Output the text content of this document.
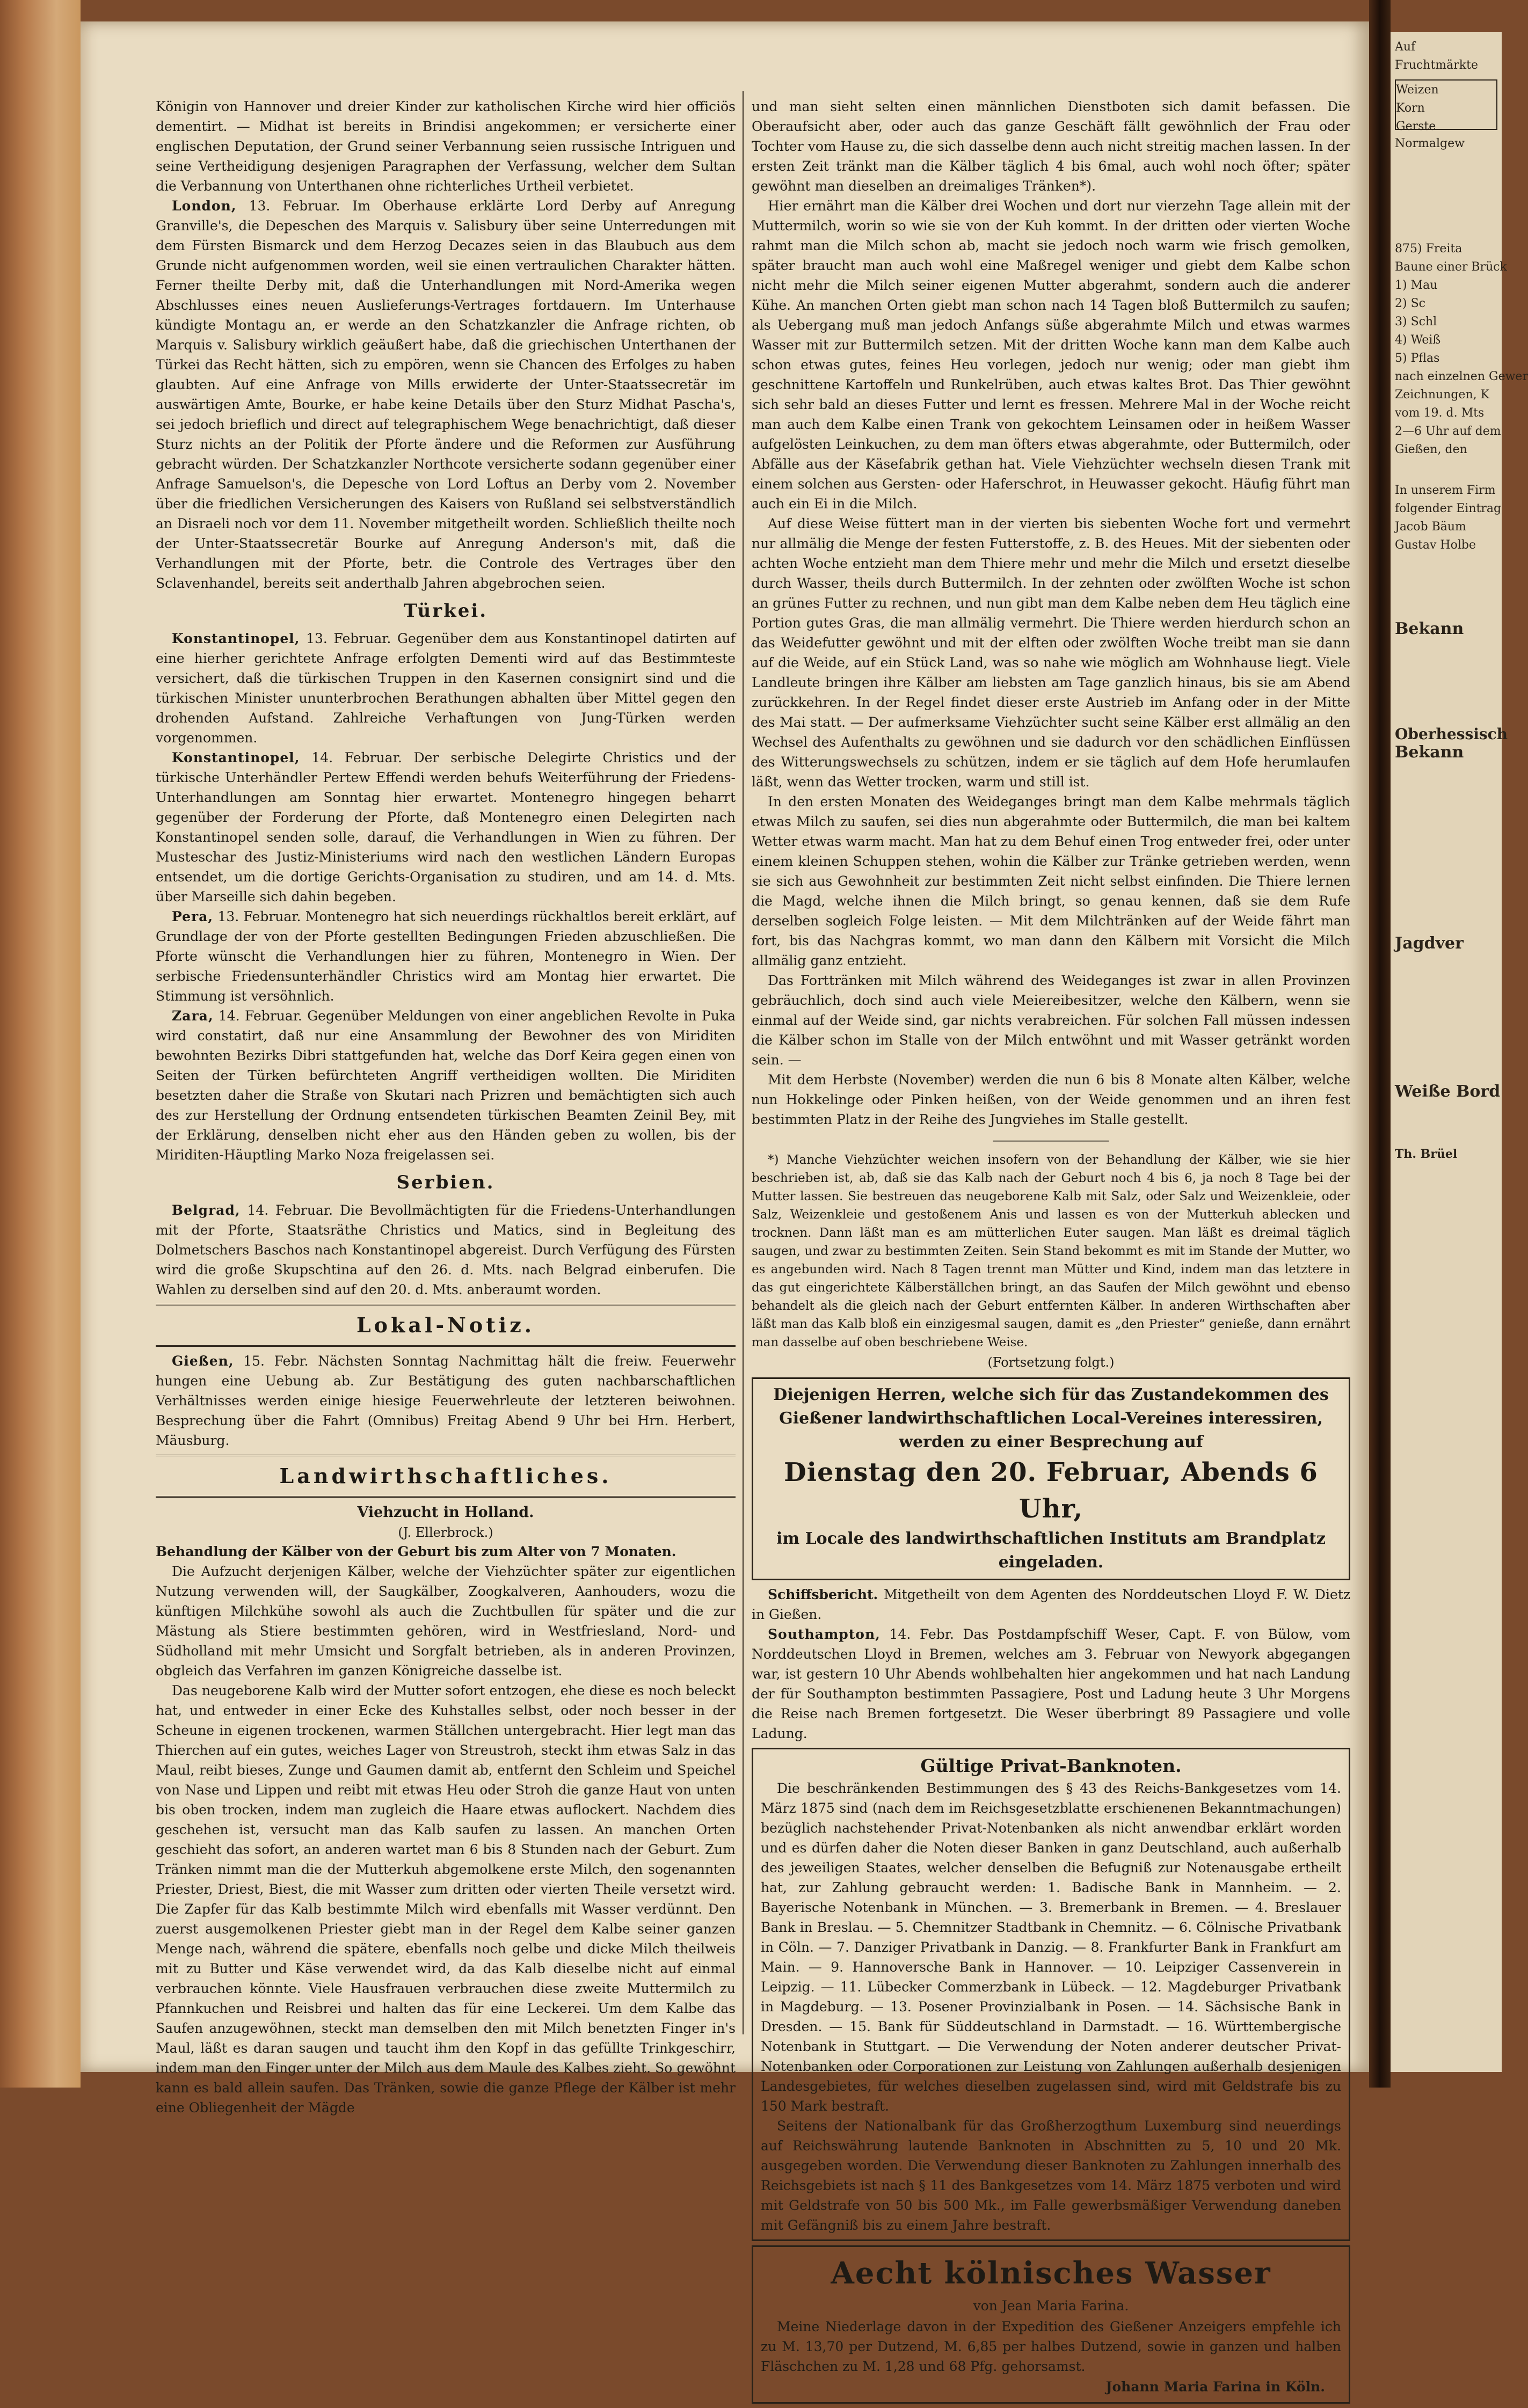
Auf
Fruchtmärkte
Weizen
Korn
Gerste
Normalgew
875) Freita
Baune einer Brück
1) Mau
2) Sc
3) Schl
4) Weiß
5) Pflas
nach einzelnen Gewer
Zeichnungen, K
vom 19. d. Mts
2—6 Uhr auf dem
Gießen, den
In unserem Firm
folgender Eintrag
Jacob Bäum
Gustav Holbe
Bekann
Oberhessisch
Bekann
Jagdver
Weiße Bord
Th. Brüel

Königin von Hannover und dreier Kinder zur katholischen Kirche wird hier officiös dementirt. — Midhat ist bereits in Brindisi angekommen; er versicherte einer englischen Deputation, der Grund seiner Verbannung seien russische Intriguen und seine Vertheidigung desjenigen Paragraphen der Verfassung, welcher dem Sultan die Verbannung von Unterthanen ohne richterliches Urtheil verbietet.

London, 13. Februar. Im Oberhause erklärte Lord Derby auf Anregung Granville's, die Depeschen des Marquis v. Salisbury über seine Unterredungen mit dem Fürsten Bismarck und dem Herzog Decazes seien in das Blaubuch aus dem Grunde nicht aufgenommen worden, weil sie einen vertraulichen Charakter hätten. Ferner theilte Derby mit, daß die Unterhandlungen mit Nord-Amerika wegen Abschlusses eines neuen Auslieferungs-Vertrages fortdauern. Im Unterhause kündigte Montagu an, er werde an den Schatzkanzler die Anfrage richten, ob Marquis v. Salisbury wirklich geäußert habe, daß die griechischen Unterthanen der Türkei das Recht hätten, sich zu empören, wenn sie Chancen des Erfolges zu haben glaubten. Auf eine Anfrage von Mills erwiderte der Unter-Staatssecretär im auswärtigen Amte, Bourke, er habe keine Details über den Sturz Midhat Pascha's, sei jedoch brieflich und direct auf telegraphischem Wege benachrichtigt, daß dieser Sturz nichts an der Politik der Pforte ändere und die Reformen zur Ausführung gebracht würden. Der Schatzkanzler Northcote versicherte sodann gegenüber einer Anfrage Samuelson's, die Depesche von Lord Loftus an Derby vom 2. November über die friedlichen Versicherungen des Kaisers von Rußland sei selbstverständlich an Disraeli noch vor dem 11. November mitgetheilt worden. Schließlich theilte noch der Unter-Staatssecretär Bourke auf Anregung Anderson's mit, daß die Verhandlungen mit der Pforte, betr. die Controle des Vertrages über den Sclavenhandel, bereits seit anderthalb Jahren abgebrochen seien.

Türkei.

Konstantinopel, 13. Februar. Gegenüber dem aus Konstantinopel datirten auf eine hierher gerichtete Anfrage erfolgten Dementi wird auf das Bestimmteste versichert, daß die türkischen Truppen in den Kasernen consignirt sind und die türkischen Minister ununterbrochen Berathungen abhalten über Mittel gegen den drohenden Aufstand. Zahlreiche Verhaftungen von Jung-Türken werden vorgenommen.

Konstantinopel, 14. Februar. Der serbische Delegirte Christics und der türkische Unterhändler Pertew Effendi werden behufs Weiterführung der Friedens-Unterhandlungen am Sonntag hier erwartet. Montenegro hingegen beharrt gegenüber der Forderung der Pforte, daß Montenegro einen Delegirten nach Konstantinopel senden solle, darauf, die Verhandlungen in Wien zu führen. Der Musteschar des Justiz-Ministeriums wird nach den westlichen Ländern Europas entsendet, um die dortige Gerichts-Organisation zu studiren, und am 14. d. Mts. über Marseille sich dahin begeben.

Pera, 13. Februar. Montenegro hat sich neuerdings rückhaltlos bereit erklärt, auf Grundlage der von der Pforte gestellten Bedingungen Frieden abzuschließen. Die Pforte wünscht die Verhandlungen hier zu führen, Montenegro in Wien. Der serbische Friedensunterhändler Christics wird am Montag hier erwartet. Die Stimmung ist versöhnlich.

Zara, 14. Februar. Gegenüber Meldungen von einer angeblichen Revolte in Puka wird constatirt, daß nur eine Ansammlung der Bewohner des von Miriditen bewohnten Bezirks Dibri stattgefunden hat, welche das Dorf Keira gegen einen von Seiten der Türken befürchteten Angriff vertheidigen wollten. Die Miriditen besetzten daher die Straße von Skutari nach Prizren und bemächtigten sich auch des zur Herstellung der Ordnung entsendeten türkischen Beamten Zeinil Bey, mit der Erklärung, denselben nicht eher aus den Händen geben zu wollen, bis der Miriditen-Häuptling Marko Noza freigelassen sei.

Serbien.

Belgrad, 14. Februar. Die Bevollmächtigten für die Friedens-Unterhandlungen mit der Pforte, Staatsräthe Christics und Matics, sind in Begleitung des Dolmetschers Baschos nach Konstantinopel abgereist. Durch Verfügung des Fürsten wird die große Skupschtina auf den 26. d. Mts. nach Belgrad einberufen. Die Wahlen zu derselben sind auf den 20. d. Mts. anberaumt worden.

Lokal-Notiz.

Gießen, 15. Febr. Nächsten Sonntag Nachmittag hält die freiw. Feuerwehr hungen eine Uebung ab. Zur Bestätigung des guten nachbarschaftlichen Verhältnisses werden einige hiesige Feuerwehrleute der letzteren beiwohnen. Besprechung über die Fahrt (Omnibus) Freitag Abend 9 Uhr bei Hrn. Herbert, Mäusburg.

Landwirthschaftliches.
Viehzucht in Holland.
(J. Ellerbrock.)

Behandlung der Kälber von der Geburt bis zum Alter von 7 Monaten.

Die Aufzucht derjenigen Kälber, welche der Viehzüchter später zur eigentlichen Nutzung verwenden will, der Saugkälber, Zoogkalveren, Aanhouders, wozu die künftigen Milchkühe sowohl als auch die Zuchtbullen für später und die zur Mästung als Stiere bestimmten gehören, wird in Westfriesland, Nord- und Südholland mit mehr Umsicht und Sorgfalt betrieben, als in anderen Provinzen, obgleich das Verfahren im ganzen Königreiche dasselbe ist.

Das neugeborene Kalb wird der Mutter sofort entzogen, ehe diese es noch beleckt hat, und entweder in einer Ecke des Kuhstalles selbst, oder noch besser in der Scheune in eigenen trockenen, warmen Ställchen untergebracht. Hier legt man das Thierchen auf ein gutes, weiches Lager von Streustroh, steckt ihm etwas Salz in das Maul, reibt bieses, Zunge und Gaumen damit ab, entfernt den Schleim und Speichel von Nase und Lippen und reibt mit etwas Heu oder Stroh die ganze Haut von unten bis oben trocken, indem man zugleich die Haare etwas auflockert. Nachdem dies geschehen ist, versucht man das Kalb saufen zu lassen. An manchen Orten geschieht das sofort, an anderen wartet man 6 bis 8 Stunden nach der Geburt. Zum Tränken nimmt man die der Mutterkuh abgemolkene erste Milch, den sogenannten Priester, Driest, Biest, die mit Wasser zum dritten oder vierten Theile versetzt wird. Die Zapfer für das Kalb bestimmte Milch wird ebenfalls mit Wasser verdünnt. Den zuerst ausgemolkenen Priester giebt man in der Regel dem Kalbe seiner ganzen Menge nach, während die spätere, ebenfalls noch gelbe und dicke Milch theilweis mit zu Butter und Käse verwendet wird, da das Kalb dieselbe nicht auf einmal verbrauchen könnte. Viele Hausfrauen verbrauchen diese zweite Muttermilch zu Pfannkuchen und Reisbrei und halten das für eine Leckerei. Um dem Kalbe das Saufen anzugewöhnen, steckt man demselben den mit Milch benetzten Finger in's Maul, läßt es daran saugen und taucht ihm den Kopf in das gefüllte Trinkgeschirr, indem man den Finger unter der Milch aus dem Maule des Kalbes zieht. So gewöhnt kann es bald allein saufen. Das Tränken, sowie die ganze Pflege der Kälber ist mehr eine Obliegenheit der Mägde

und man sieht selten einen männlichen Dienstboten sich damit befassen. Die Oberaufsicht aber, oder auch das ganze Geschäft fällt gewöhnlich der Frau oder Tochter vom Hause zu, die sich dasselbe denn auch nicht streitig machen lassen. In der ersten Zeit tränkt man die Kälber täglich 4 bis 6mal, auch wohl noch öfter; später gewöhnt man dieselben an dreimaliges Tränken*).

Hier ernährt man die Kälber drei Wochen und dort nur vierzehn Tage allein mit der Muttermilch, worin so wie sie von der Kuh kommt. In der dritten oder vierten Woche rahmt man die Milch schon ab, macht sie jedoch noch warm wie frisch gemolken, später braucht man auch wohl eine Maßregel weniger und giebt dem Kalbe schon nicht mehr die Milch seiner eigenen Mutter abgerahmt, sondern auch die anderer Kühe. An manchen Orten giebt man schon nach 14 Tagen bloß Buttermilch zu saufen; als Uebergang muß man jedoch Anfangs süße abgerahmte Milch und etwas warmes Wasser mit zur Buttermilch setzen. Mit der dritten Woche kann man dem Kalbe auch schon etwas gutes, feines Heu vorlegen, jedoch nur wenig; oder man giebt ihm geschnittene Kartoffeln und Runkelrüben, auch etwas kaltes Brot. Das Thier gewöhnt sich sehr bald an dieses Futter und lernt es fressen. Mehrere Mal in der Woche reicht man auch dem Kalbe einen Trank von gekochtem Leinsamen oder in heißem Wasser aufgelösten Leinkuchen, zu dem man öfters etwas abgerahmte, oder Buttermilch, oder Abfälle aus der Käsefabrik gethan hat. Viele Viehzüchter wechseln diesen Trank mit einem solchen aus Gersten- oder Haferschrot, in Heuwasser gekocht. Häufig führt man auch ein Ei in die Milch.

Auf diese Weise füttert man in der vierten bis siebenten Woche fort und vermehrt nur allmälig die Menge der festen Futterstoffe, z. B. des Heues. Mit der siebenten oder achten Woche entzieht man dem Thiere mehr und mehr die Milch und ersetzt dieselbe durch Wasser, theils durch Buttermilch. In der zehnten oder zwölften Woche ist schon an grünes Futter zu rechnen, und nun gibt man dem Kalbe neben dem Heu täglich eine Portion gutes Gras, die man allmälig vermehrt. Die Thiere werden hierdurch schon an das Weidefutter gewöhnt und mit der elften oder zwölften Woche treibt man sie dann auf die Weide, auf ein Stück Land, was so nahe wie möglich am Wohnhause liegt. Viele Landleute bringen ihre Kälber am liebsten am Tage ganzlich hinaus, bis sie am Abend zurückkehren. In der Regel findet dieser erste Austrieb im Anfang oder in der Mitte des Mai statt. — Der aufmerksame Viehzüchter sucht seine Kälber erst allmälig an den Wechsel des Aufenthalts zu gewöhnen und sie dadurch vor den schädlichen Einflüssen des Witterungswechsels zu schützen, indem er sie täglich auf dem Hofe herumlaufen läßt, wenn das Wetter trocken, warm und still ist.

In den ersten Monaten des Weideganges bringt man dem Kalbe mehrmals täglich etwas Milch zu saufen, sei dies nun abgerahmte oder Buttermilch, die man bei kaltem Wetter etwas warm macht. Man hat zu dem Behuf einen Trog entweder frei, oder unter einem kleinen Schuppen stehen, wohin die Kälber zur Tränke getrieben werden, wenn sie sich aus Gewohnheit zur bestimmten Zeit nicht selbst einfinden. Die Thiere lernen die Magd, welche ihnen die Milch bringt, so genau kennen, daß sie dem Rufe derselben sogleich Folge leisten. — Mit dem Milchtränken auf der Weide fährt man fort, bis das Nachgras kommt, wo man dann den Kälbern mit Vorsicht die Milch allmälig ganz entzieht.

Das Forttränken mit Milch während des Weideganges ist zwar in allen Provinzen gebräuchlich, doch sind auch viele Meiereibesitzer, welche den Kälbern, wenn sie einmal auf der Weide sind, gar nichts verabreichen. Für solchen Fall müssen indessen die Kälber schon im Stalle von der Milch entwöhnt und mit Wasser getränkt worden sein. —

Mit dem Herbste (November) werden die nun 6 bis 8 Monate alten Kälber, welche nun Hokkelinge oder Pinken heißen, von der Weide genommen und an ihren fest bestimmten Platz in der Reihe des Jungviehes im Stalle gestellt.

―――――――――

*) Manche Viehzüchter weichen insofern von der Behandlung der Kälber, wie sie hier beschrieben ist, ab, daß sie das Kalb nach der Geburt noch 4 bis 6, ja noch 8 Tage bei der Mutter lassen. Sie bestreuen das neugeborene Kalb mit Salz, oder Salz und Weizenkleie, oder Salz, Weizenkleie und gestoßenem Anis und lassen es von der Mutterkuh ablecken und trocknen. Dann läßt man es am mütterlichen Euter saugen. Man läßt es dreimal täglich saugen, und zwar zu bestimmten Zeiten. Sein Stand bekommt es mit im Stande der Mutter, wo es angebunden wird. Nach 8 Tagen trennt man Mütter und Kind, indem man das letztere in das gut eingerichtete Kälberställchen bringt, an das Saufen der Milch gewöhnt und ebenso behandelt als die gleich nach der Geburt entfernten Kälber. In anderen Wirthschaften aber läßt man das Kalb bloß ein einzigesmal saugen, damit es „den Priester“ genieße, dann ernährt man dasselbe auf oben beschriebene Weise.

(Fortsetzung folgt.)
Diejenigen Herren, welche sich für das Zustandekommen des Gießener landwirthschaftlichen Local-Vereines interessiren, werden zu einer Besprechung auf
Dienstag den 20. Februar, Abends 6 Uhr,
im Locale des landwirthschaftlichen Instituts am Brandplatz eingeladen.

Schiffsbericht. Mitgetheilt von dem Agenten des Norddeutschen Lloyd F. W. Dietz in Gießen.

Southampton, 14. Febr. Das Postdampfschiff Weser, Capt. F. von Bülow, vom Norddeutschen Lloyd in Bremen, welches am 3. Februar von Newyork abgegangen war, ist gestern 10 Uhr Abends wohlbehalten hier angekommen und hat nach Landung der für Southampton bestimmten Passagiere, Post und Ladung heute 3 Uhr Morgens die Reise nach Bremen fortgesetzt. Die Weser überbringt 89 Passagiere und volle Ladung.

Gültige Privat-Banknoten.

Die beschränkenden Bestimmungen des § 43 des Reichs-Bankgesetzes vom 14. März 1875 sind (nach dem im Reichsgesetzblatte erschienenen Bekanntmachungen) bezüglich nachstehender Privat-Notenbanken als nicht anwendbar erklärt worden und es dürfen daher die Noten dieser Banken in ganz Deutschland, auch außerhalb des jeweiligen Staates, welcher denselben die Befugniß zur Notenausgabe ertheilt hat, zur Zahlung gebraucht werden: 1. Badische Bank in Mannheim. — 2. Bayerische Notenbank in München. — 3. Bremerbank in Bremen. — 4. Breslauer Bank in Breslau. — 5. Chemnitzer Stadtbank in Chemnitz. — 6. Cölnische Privatbank in Cöln. — 7. Danziger Privatbank in Danzig. — 8. Frankfurter Bank in Frankfurt am Main. — 9. Hannoversche Bank in Hannover. — 10. Leipziger Cassenverein in Leipzig. — 11. Lübecker Commerzbank in Lübeck. — 12. Magdeburger Privatbank in Magdeburg. — 13. Posener Provinzialbank in Posen. — 14. Sächsische Bank in Dresden. — 15. Bank für Süddeutschland in Darmstadt. — 16. Württembergische Notenbank in Stuttgart. — Die Verwendung der Noten anderer deutscher Privat-Notenbanken oder Corporationen zur Leistung von Zahlungen außerhalb desjenigen Landesgebietes, für welches dieselben zugelassen sind, wird mit Geldstrafe bis zu 150 Mark bestraft.

Seitens der Nationalbank für das Großherzogthum Luxemburg sind neuerdings auf Reichswährung lautende Banknoten in Abschnitten zu 5, 10 und 20 Mk. ausgegeben worden. Die Verwendung dieser Banknoten zu Zahlungen innerhalb des Reichsgebiets ist nach § 11 des Bankgesetzes vom 14. März 1875 verboten und wird mit Geldstrafe von 50 bis 500 Mk., im Falle gewerbsmäßiger Verwendung daneben mit Gefängniß bis zu einem Jahre bestraft.

Aecht kölnisches Wasser
von Jean Maria Farina.

Meine Niederlage davon in der Expedition des Gießener Anzeigers empfehle ich zu M. 13,70 per Dutzend, M. 6,85 per halbes Dutzend, sowie in ganzen und halben Fläschchen zu M. 1,28 und 68 Pfg. gehorsamst.

Johann Maria Farina in Köln.
